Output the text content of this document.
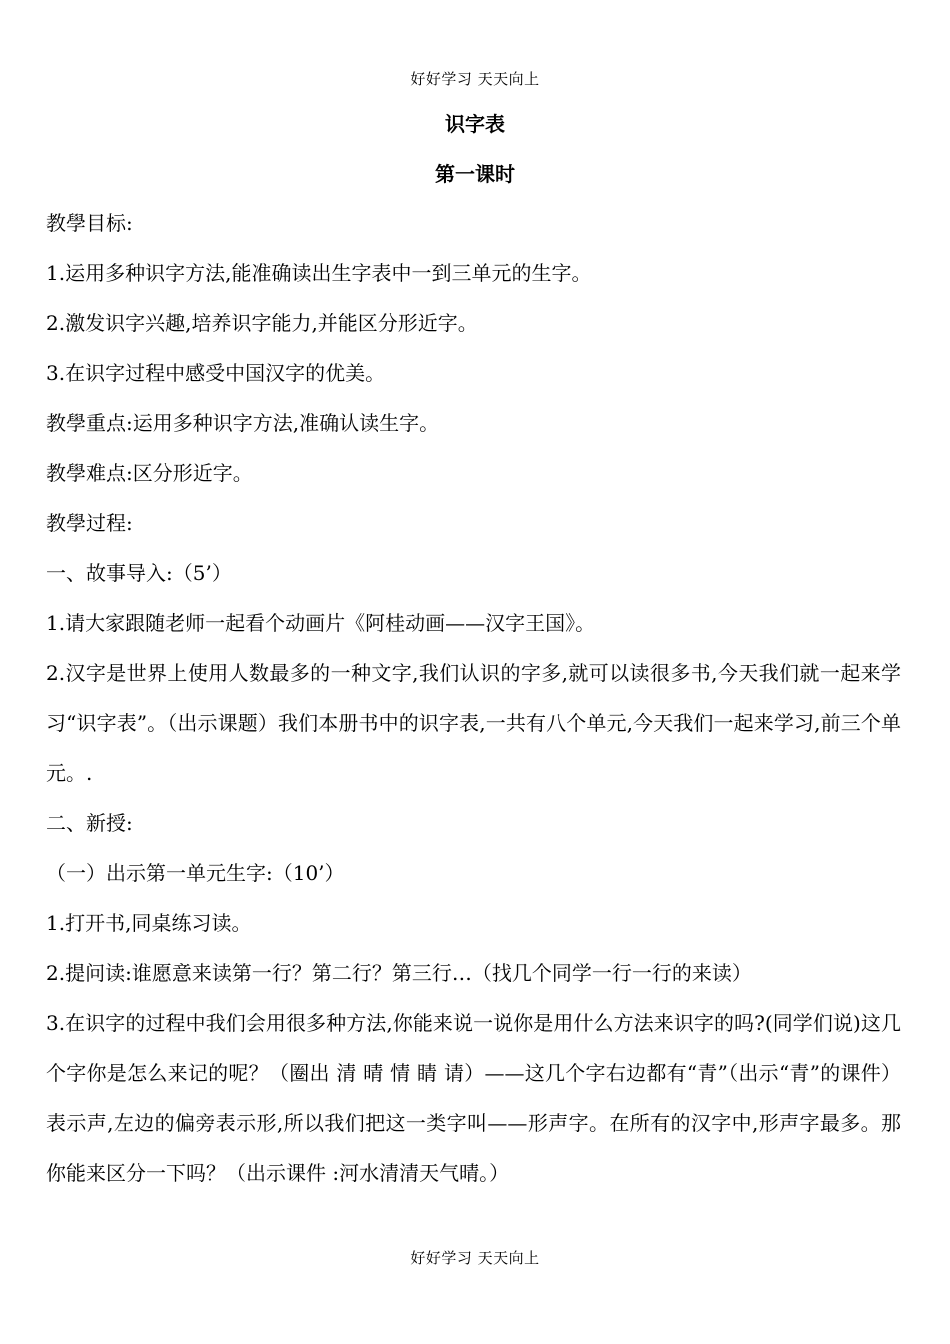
好好学习 天天向上
识字表
第一课时
教學目标:
1.运用多种识字方法,能准确读出生字表中一到三单元的生字。
2.激发识字兴趣,培养识字能力,并能区分形近字。
3.在识字过程中感受中国汉字的优美。
教學重点:运用多种识字方法,准确认读生字。
教學难点:区分形近字。
教學过程:
一、故事导入:（5’）
1.请大家跟随老师一起看个动画片《阿桂动画——汉字王国》。
2.汉字是世界上使用人数最多的一种文字,我们认识的字多,就可以读很多书,今天我们就一起来学习“识字表”。（出示课题）我们本册书中的识字表,一共有八个单元,今天我们一起来学习,前三个单元。.
二、新授:
（一）出示第一单元生字:（10’）
1.打开书,同桌练习读。
2.提问读:谁愿意来读第一行？第二行？第三行…（找几个同学一行一行的来读）
3.在识字的过程中我们会用很多种方法,你能来说一说你是用什么方法来识字的吗?(同学们说)这几个字你是怎么来记的呢？（圈出 清 晴 情 睛 请）——这几个字右边都有“青”（出示“青”的课件）表示声,左边的偏旁表示形,所以我们把这一类字叫——形声字。在所有的汉字中,形声字最多。那你能来区分一下吗？（出示课件 :河水清清天气晴。）
好好学习 天天向上
